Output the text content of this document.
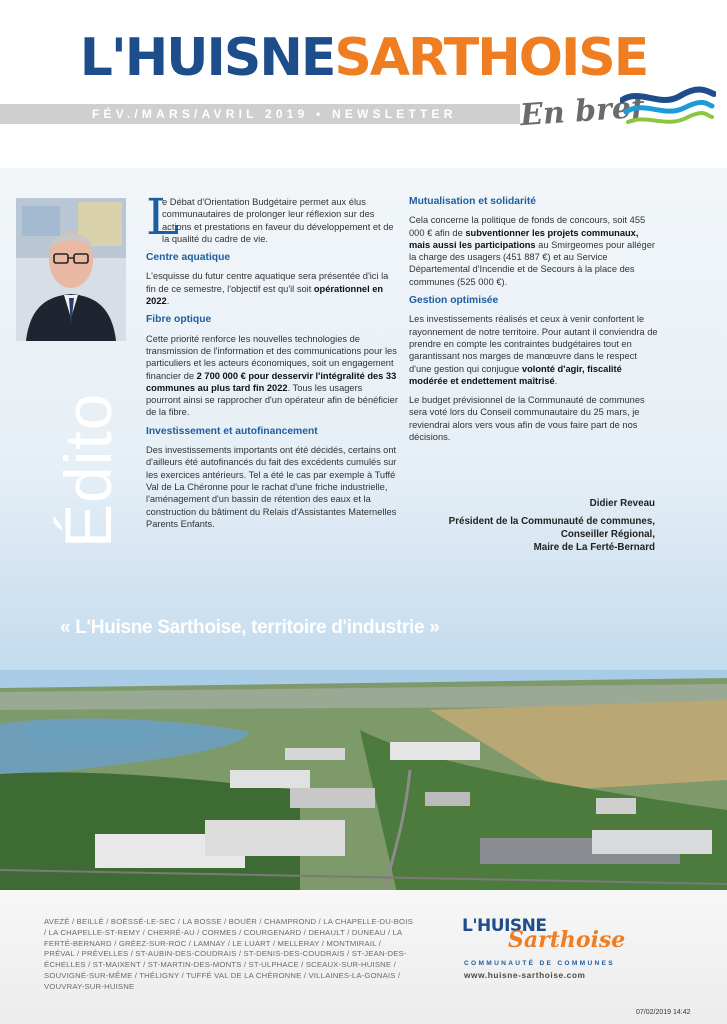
L'HUISNESARTHOISE
FÉV./MARS/AVRIL 2019 • NEWSLETTER En bref
Édito

L
e Débat d'Orientation Budgétaire permet aux élus communautaires de prolonger leur réflexion sur des actions et prestations en faveur du développement et de la qualité du cadre de vie.

Centre aquatique

L'esquisse du futur centre aquatique sera présentée d'ici la fin de ce semestre, l'objectif est qu'il soit opérationnel en 2022.

Fibre optique

Cette priorité renforce les nouvelles technologies de transmission de l'information et des communications pour les particuliers et les acteurs économiques, soit un engagement financier de 2 700 000 € pour desservir l'intégralité des 33 communes au plus tard fin 2022. Tous les usagers pourront ainsi se rapprocher d'un opérateur afin de bénéficier de la fibre.

Investissement et autofinancement

Des investissements importants ont été décidés, certains ont d'ailleurs été autofinancés du fait des excédents cumulés sur les exercices antérieurs. Tel a été le cas par exemple à Tuffé Val de La Chéronne pour le rachat d'une friche industrielle, l'aménagement d'un bassin de rétention des eaux et la construction du bâtiment du Relais d'Assistantes Maternelles Parents Enfants.

Mutualisation et solidarité

Cela concerne la politique de fonds de concours, soit 455 000 € afin de subventionner les projets communaux, mais aussi les participations au Smirgeomes pour alléger la charge des usagers (451 887 €) et au Service Départemental d'Incendie et de Secours à la place des communes (525 000 €).

Gestion optimisée

Les investissements réalisés et ceux à venir confortent le rayonnement de notre territoire. Pour autant il conviendra de prendre en compte les contraintes budgétaires tout en garantissant nos marges de manœuvre dans le respect d'une gestion qui conjugue volonté d'agir, fiscalité modérée et endettement maîtrisé.

Le budget prévisionnel de la Communauté de communes sera voté lors du Conseil communautaire du 25 mars, je reviendrai alors vers vous afin de vous faire part de nos décisions.

Didier Reveau
Président de la Communauté de communes,
Conseiller Régional,
Maire de La Ferté-Bernard
« L'Huisne Sarthoise, territoire d'industrie »
AVEZÉ / BEILLÉ / BOËSSÉ-LE-SEC / LA BOSSE / BOUËR / CHAMPROND / LA CHAPELLE-DU-BOIS / LA CHAPELLE-ST-REMY / CHERRÉ-AU / CORMES / COURGENARD / DEHAULT / DUNEAU / LA FERTÉ-BERNARD / GRÉEZ-SUR-ROC / LAMNAY / LE LUART / MELLERAY / MONTMIRAIL / PRÉVAL / PRÉVELLES / ST-AUBIN-DES-COUDRAIS / ST-DENIS-DES-COUDRAIS / ST-JEAN-DES-ÉCHELLES / ST-MAIXENT / ST-MARTIN-DES-MONTS / ST-ULPHACE / SCEAUX-SUR-HUISNE / SOUVIGNÉ-SUR-MÊME / THÉLIGNY / TUFFÉ VAL DE LA CHÉRONNE / VILLAINES-LA-GONAIS / VOUVRAY-SUR-HUISNE
L'HUISNE
Sarthoise
COMMUNAUTÉ DE COMMUNES
www.huisne-sarthoise.com
07/02/2019 14:42
